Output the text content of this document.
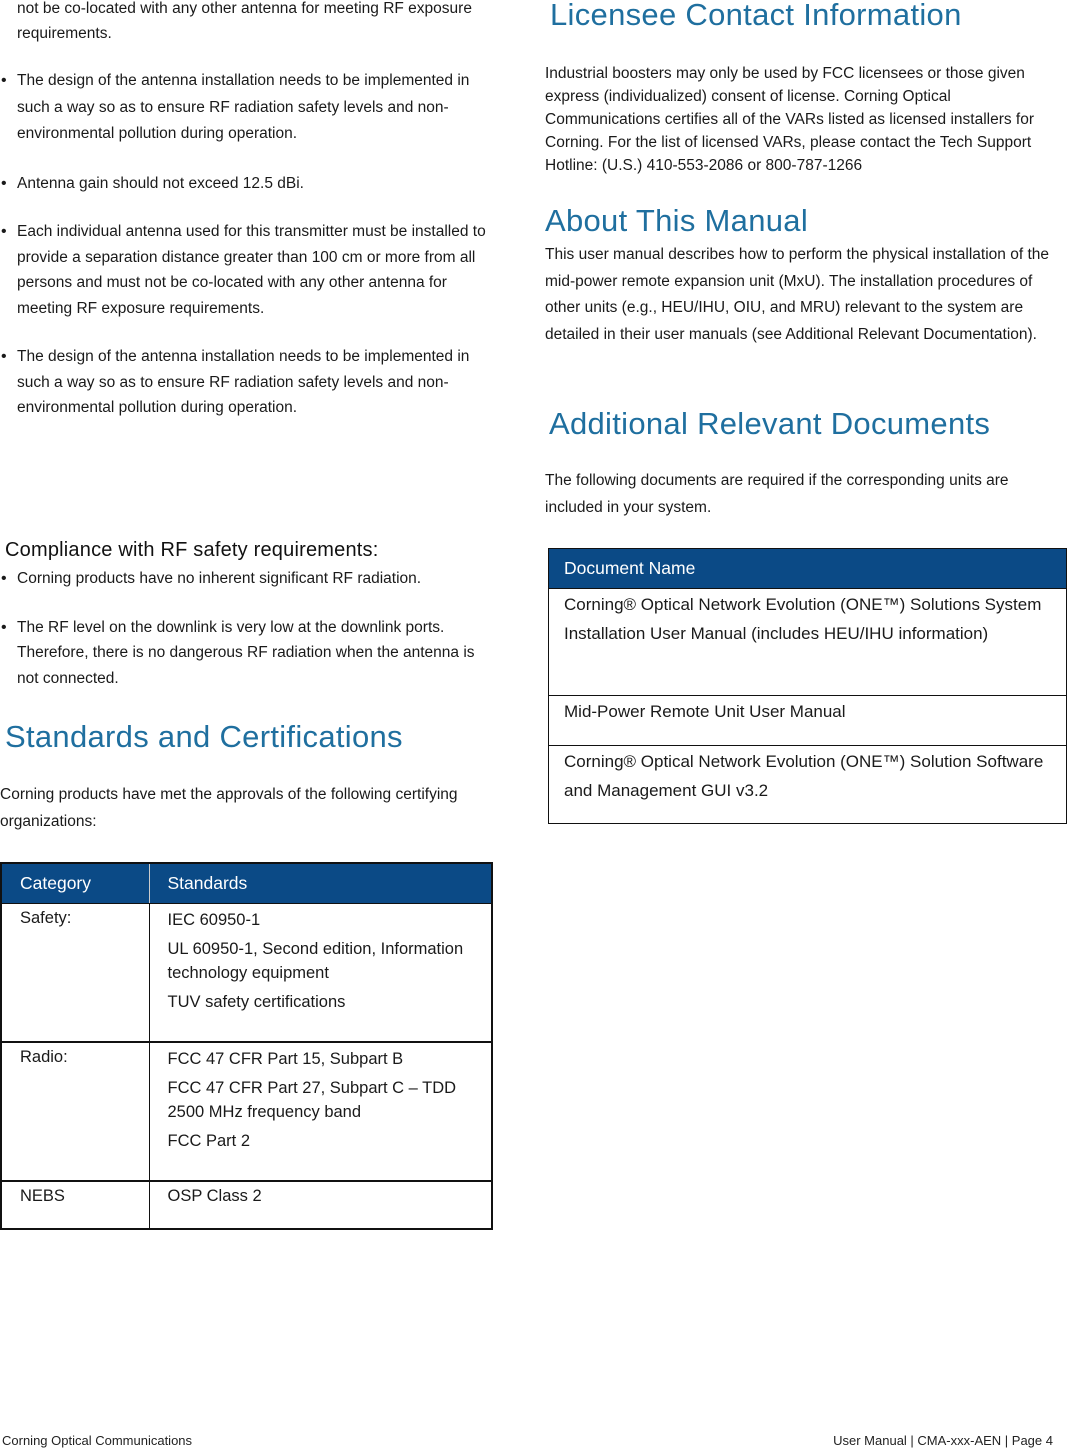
not be co-located with any other antenna for meeting RF exposure requirements.

• The design of the antenna installation needs to be implemented in such a way so as to ensure RF radiation safety levels and non-environmental pollution during operation.
• Antenna gain should not exceed 12.5 dBi.
• Each individual antenna used for this transmitter must be installed to provide a separation distance greater than 100 cm or more from all persons and must not be co-located with any other antenna for meeting RF exposure requirements.
• The design of the antenna installation needs to be implemented in such a way so as to ensure RF radiation safety levels and non-environmental pollution during operation.
Compliance with RF safety requirements:
• Corning products have no inherent significant RF radiation.
• The RF level on the downlink is very low at the downlink ports. Therefore, there is no dangerous RF radiation when the antenna is not connected.
Standards and Certifications

Corning products have met the approvals of the following certifying organizations:

Category	Standards
Safety:	IEC 60950-1
UL 60950-1, Second edition, Information technology equipment
TUV safety certifications

Radio:	FCC 47 CFR Part 15, Subpart B
FCC 47 CFR Part 27, Subpart C – TDD 2500 MHz frequency band
FCC Part 2

NEBS	OSP Class 2
Licensee Contact Information

Industrial boosters may only be used by FCC licensees or those given express (individualized) consent of license. Corning Optical Communications certifies all of the VARs listed as licensed installers for Corning. For the list of licensed VARs, please contact the Tech Support Hotline: (U.S.) 410-553-2086 or 800-787-1266

About This Manual

This user manual describes how to perform the physical installation of the mid-power remote expansion unit (MxU). The installation procedures of other units (e.g., HEU/IHU, OIU, and MRU) relevant to the system are detailed in their user manuals (see Additional Relevant Documentation).

Additional Relevant Documents

The following documents are required if the corresponding units are included in your system.

Document Name
Corning® Optical Network Evolution (ONE™) Solutions System Installation User Manual (includes HEU/IHU information)
Mid-Power Remote Unit User Manual
Corning® Optical Network Evolution (ONE™) Solution Software and Management GUI v3.2
Corning Optical Communications	User Manual | CMA-xxx-AEN | Page 4
